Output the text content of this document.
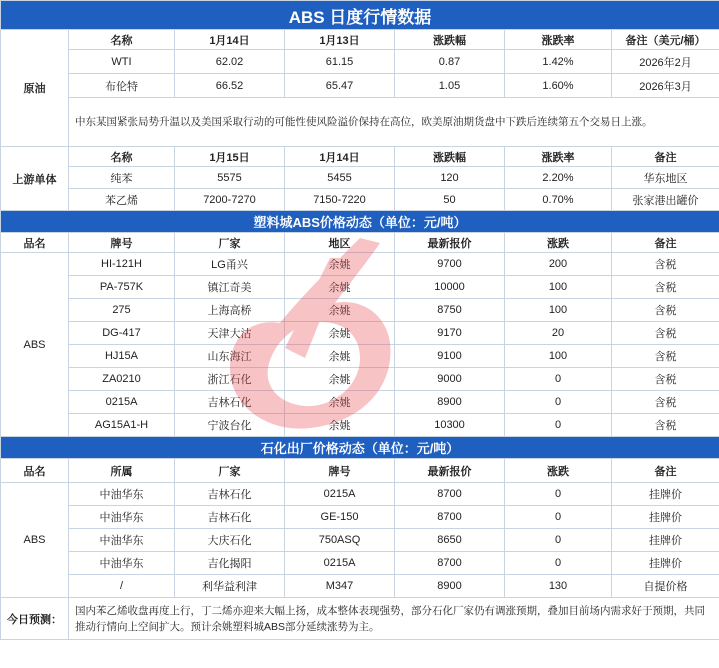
ABS 日度行情数据						
原油	名称	1月14日	1月13日	涨跌幅	涨跌率	备注（美元/桶）
	WTI	62.02	61.15	0.87	1.42%	2026年2月
	布伦特	66.52	65.47	1.05	1.60%	2026年3月
	中东某国紧张局势升温以及美国采取行动的可能性使风险溢价保持在高位，欧美原油期货盘中下跌后连续第五个交易日上涨。					
上游单体	名称	1月15日	1月14日	涨跌幅	涨跌率	备注
	纯苯	5575	5455	120	2.20%	华东地区
	苯乙烯	7200-7270	7150-7220	50	0.70%	张家港出罐价
塑料城ABS价格动态（单位：元/吨）						
品名	牌号	厂家	地区	最新报价	涨跌	备注
ABS	HI-121H	LG甬兴	余姚	9700	200	含税
	PA-757K	镇江奇美	余姚	10000	100	含税
	275	上海高桥	余姚	8750	100	含税
	DG-417	天津大沽	余姚	9170	20	含税
	HJ15A	山东海江	余姚	9100	100	含税
	ZA0210	浙江石化	余姚	9000	0	含税
	0215A	吉林石化	余姚	8900	0	含税
	AG15A1-H	宁波台化	余姚	10300	0	含税
石化出厂价格动态（单位：元/吨）						
品名	所属	厂家	牌号	最新报价	涨跌	备注
ABS	中油华东	吉林石化	0215A	8700	0	挂牌价
	中油华东	吉林石化	GE-150	8700	0	挂牌价
	中油华东	大庆石化	750ASQ	8650	0	挂牌价
	中油华东	吉化揭阳	0215A	8700	0	挂牌价
	/	利华益利津	M347	8900	130	自提价格
今日预测：	国内苯乙烯收盘再度上行，丁二烯亦迎来大幅上扬，成本整体表现强势，部分石化厂家仍有调涨预期，叠加目前场内需求好于预期，共同推动行情向上空间扩大。预计余姚塑料城ABS部分延续涨势为主。					
